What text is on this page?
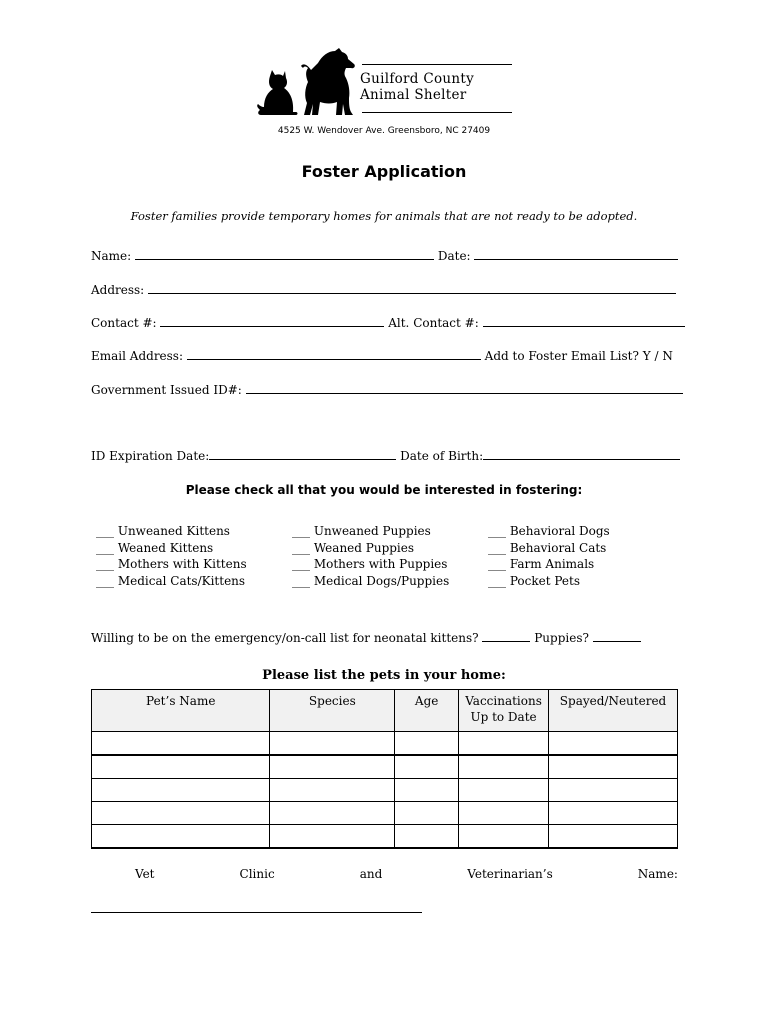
Guilford County
Animal Shelter
4525 W. Wendover Ave. Greensboro, NC 27409
Foster Application
Foster families provide temporary homes for animals that are not ready to be adopted.
Name:	Date:
Address:
Contact #:	Alt. Contact #:
Email Address:	Add to Foster Email List? Y / N
Government Issued ID#:
ID Expiration Date:	Date of Birth:
Please check all that you would be interested in fostering:
___ Unweaned Kittens
___ Weaned Kittens
___ Mothers with Kittens
___ Medical Cats/Kittens
___ Unweaned Puppies
___ Weaned Puppies
___ Mothers with Puppies
___ Medical Dogs/Puppies
___ Behavioral Dogs
___ Behavioral Cats
___ Farm Animals
___ Pocket Pets
Willing to be on the emergency/on-call list for neonatal kittens?	Puppies?
Please list the pets in your home:
Pet’s Name	Species	Age	Vaccinations Up to Date	Spayed/Neutered

Vet	Clinic	and	Veterinarian’s	Name:
